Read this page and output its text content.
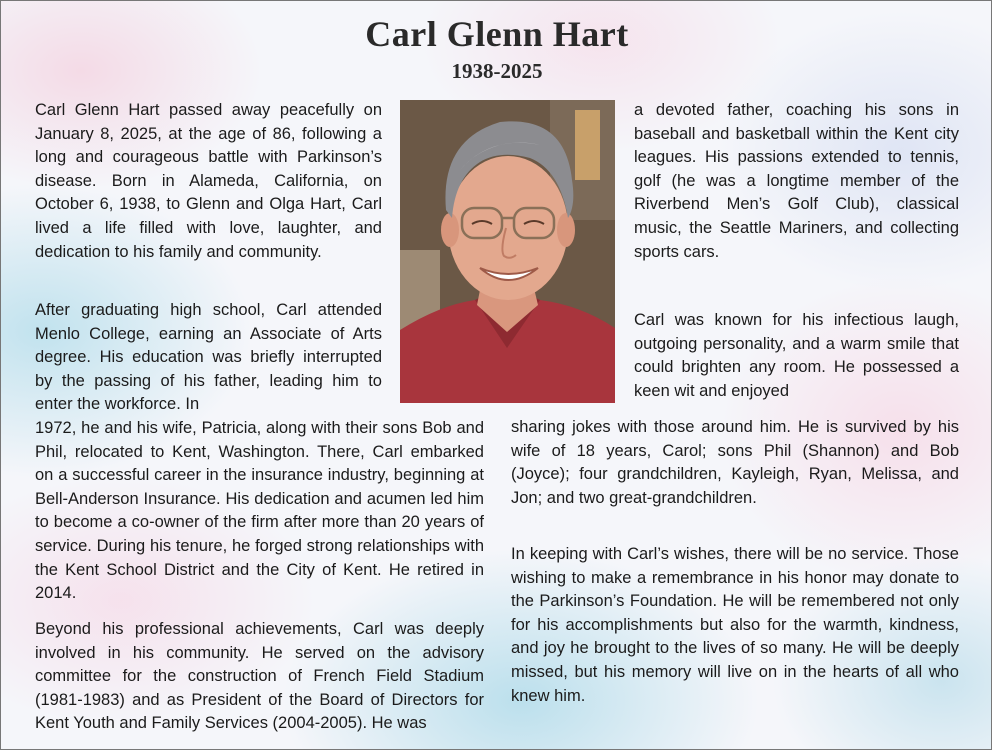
Carl Glenn Hart
1938-2025

Carl Glenn Hart passed away peacefully on January 8, 2025, at the age of 86, following a long and courageous battle with Parkinson’s disease. Born in Alameda, California, on October 6, 1938, to Glenn and Olga Hart, Carl lived a life filled with love, laughter, and dedication to his family and community.

After graduating high school, Carl attended Menlo College, earning an Associate of Arts degree. His education was briefly interrupted by the passing of his father, leading him to enter the workforce. In

1972, he and his wife, Patricia, along with their sons Bob and Phil, relocated to Kent, Washington. There, Carl embarked on a successful career in the insurance industry, beginning at Bell-Anderson Insurance. His dedication and acumen led him to become a co-owner of the firm after more than 20 years of service. During his tenure, he forged strong relationships with the Kent School District and the City of Kent. He retired in 2014.

Beyond his professional achievements, Carl was deeply involved in his community. He served on the advisory committee for the construction of French Field Stadium (1981-1983) and as President of the Board of Directors for Kent Youth and Family Services (2004-2005). He was

a devoted father, coaching his sons in baseball and basketball within the Kent city leagues. His passions extended to tennis, golf (he was a longtime member of the Riverbend Men’s Golf Club), classical music, the Seattle Mariners, and collecting sports cars.

Carl was known for his infectious laugh, outgoing personality, and a warm smile that could brighten any room. He possessed a keen wit and enjoyed

sharing jokes with those around him. He is survived by his wife of 18 years, Carol; sons Phil (Shannon) and Bob (Joyce); four grandchildren, Kayleigh, Ryan, Melissa, and Jon; and two great-grandchildren.

In keeping with Carl’s wishes, there will be no service. Those wishing to make a remembrance in his honor may donate to the Parkinson’s Foundation. He will be remembered not only for his accomplishments but also for the warmth, kindness, and joy he brought to the lives of so many. He will be deeply missed, but his memory will live on in the hearts of all who knew him.
